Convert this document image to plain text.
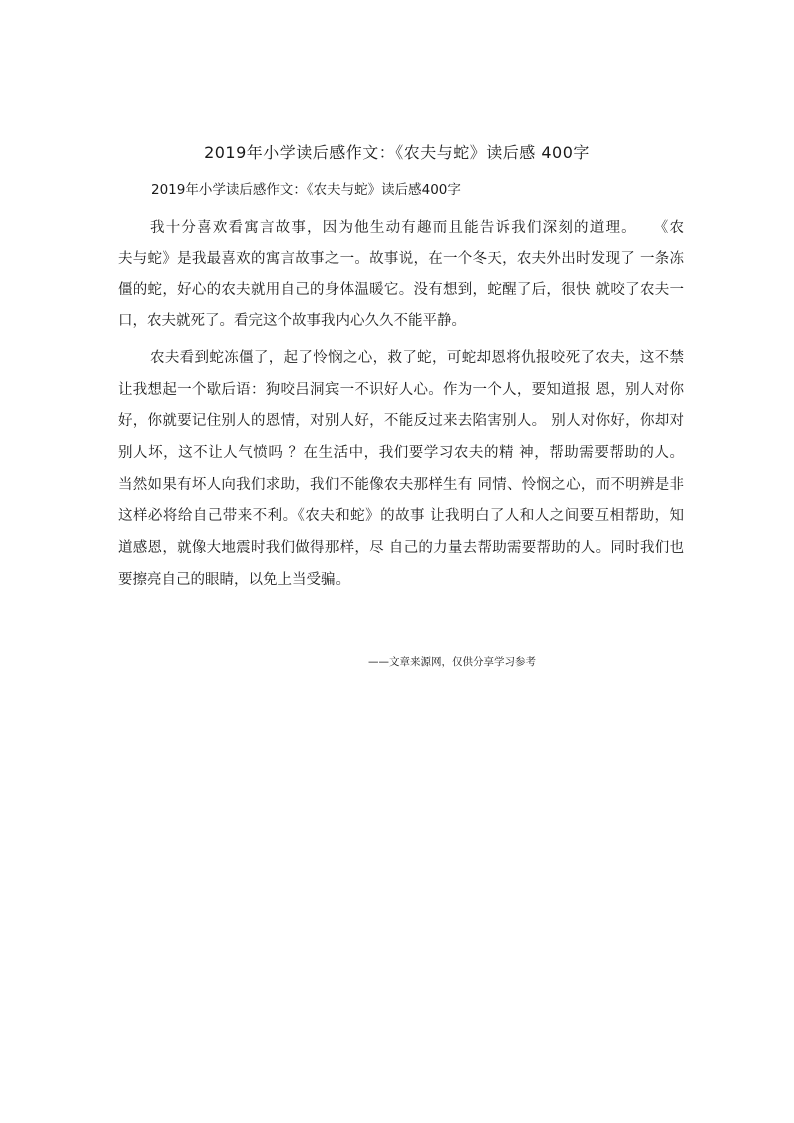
2019年小学读后感作文：《农夫与蛇》读后感 400字
2019年小学读后感作文：《农夫与蛇》读后感400字
我十分喜欢看寓言故事，因为他生动有趣而且能告诉我们深刻的道理。　　《农
夫与蛇》是我最喜欢的寓言故事之一。故事说，在一个冬天，农夫外出时发现了 一条冻
僵的蛇，好心的农夫就用自己的身体温暖它。没有想到，蛇醒了后，很快 就咬了农夫一
口，农夫就死了。看完这个故事我内心久久不能平静。
农夫看到蛇冻僵了，起了怜悯之心，救了蛇，可蛇却恩将仇报咬死了农夫，这不禁
让我想起一个歇后语：狗咬吕洞宾一不识好人心。作为一个人，要知道报 恩，别人对你
好，你就要记住别人的恩情，对别人好，不能反过来去陷害别人。 别人对你好，你却对
别人坏，这不让人气愤吗 ？在生活中，我们要学习农夫的精 神，帮助需要帮助的人。
当然如果有坏人向我们求助，我们不能像农夫那样生有 同情、怜悯之心，而不明辨是非
这样必将给自己带来不利。《农夫和蛇》的故事 让我明白了人和人之间要互相帮助，知
道感恩，就像大地震时我们做得那样，尽 自己的力量去帮助需要帮助的人。同时我们也
要擦亮自己的眼睛，以免上当受骗。
——文章来源网，仅供分享学习参考
